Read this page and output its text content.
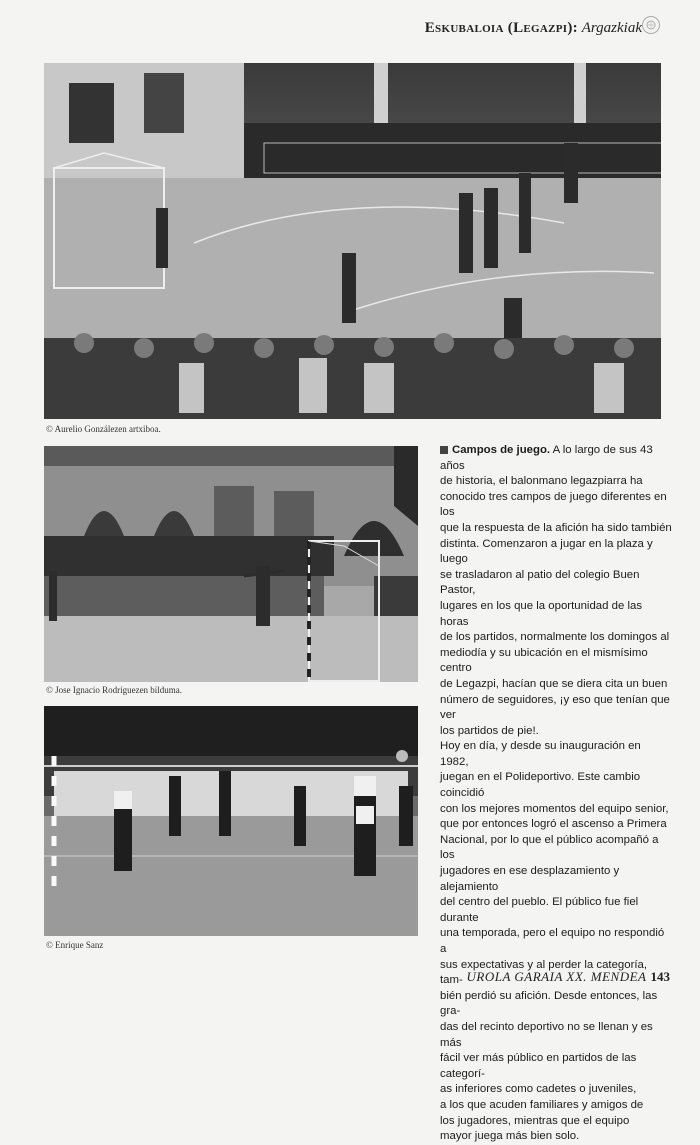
Eskubaloia (Legazpi): Argazkiak
© Aurelio Gonzálezen artxiboa.
© Jose Ignacio Rodríguezen bilduma.
© Enrique Sanz

Campos de juego. A lo largo de sus 43 años
de historia, el balonmano legazpiarra ha
conocido tres campos de juego diferentes en los
que la respuesta de la afición ha sido también
distinta. Comenzaron a jugar en la plaza y luego
se trasladaron al patio del colegio Buen Pastor,
lugares en los que la oportunidad de las horas
de los partidos, normalmente los domingos al
mediodía y su ubicación en el mismísimo centro
de Legazpi, hacían que se diera cita un buen
número de seguidores, ¡y eso que tenían que ver
los partidos de pie!.

Hoy en día, y desde su inauguración en 1982,
juegan en el Polideportivo. Este cambio coincidió
con los mejores momentos del equipo senior,
que por entonces logró el ascenso a Primera
Nacional, por lo que el público acompañó a los
jugadores en ese desplazamiento y alejamiento
del centro del pueblo. El público fue fiel durante
una temporada, pero el equipo no respondió a
sus expectativas y al perder la categoría, tam-
bién perdió su afición. Desde entonces, las gra-
das del recinto deportivo no se llenan y es más
fácil ver más público en partidos de las categorí-
as inferiores como cadetes o juveniles,
a los que acuden familiares y amigos de
los jugadores, mientras que el equipo
mayor juega más bien solo.

UROLA GARAIA XX. MENDEA 143
